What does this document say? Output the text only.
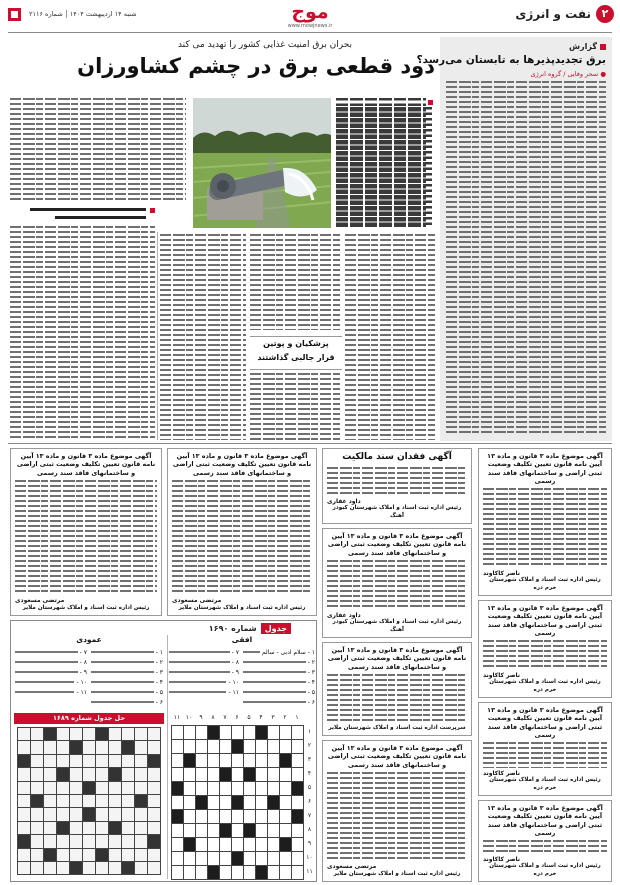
۲
نفت و انرژی
موج
www.mowjnews.ir
شنبه ۱۴ اردیبهشت ۱۴۰۴شماره ۲۱۱۶
گزارش
برق تجدیدپذیرها به تابستان می‌رسد؟
● سحر وفایی / گروه انرژی
بحران برق امنیت غذایی کشور را تهدید می کند
دود قطعی برق در چشم کشاورزان
پزشکیان و پوتین
قرار جالبی گذاشتند
آگهی موضوع ماده ۳ قانون و ماده ۱۳ آیین نامه قانون تعیین تکلیف وضعیت ثبتی اراضی و ساختمانهای فاقد سند رسمی
ناصر کاکاوند
رئیس اداره ثبت اسناد و املاک شهرستان خرم دره
آگهی فقدان سند مالکیت
داود غفاری
رئیس اداره ثبت اسناد و املاک شهرستان کبودر آهنگ
آگهی موضوع ماده ۳ قانون و ماده ۱۳ آیین نامه قانون تعیین تکلیف وضعیت ثبتی اراضی و ساختمانهای فاقد سند رسمی
داود غفاری
رئیس اداره ثبت اسناد و املاک شهرستان کبودر آهنگ
آگهی موضوع ماده ۳ قانون و ماده ۱۳ آیین نامه قانون تعیین تکلیف وضعیت ثبتی اراضی و ساختمانهای فاقد سند رسمی
مرتضی مسعودی
رئیس اداره ثبت اسناد و املاک شهرستان ملایر
آگهی موضوع ماده ۳ قانون و ماده ۱۳ آیین نامه قانون تعیین تکلیف وضعیت ثبتی اراضی و ساختمانهای فاقد سند رسمی
مرتضی مسعودی
رئیس اداره ثبت اسناد و املاک شهرستان ملایر	آگهی موضوع ماده ۳ قانون و ماده ۱۳ آیین نامه قانون تعیین تکلیف وضعیت ثبتی اراضی و ساختمانهای فاقد سند رسمی
ناصر کاکاوند
رئیس اداره ثبت اسناد و املاک شهرستان خرم دره
آگهی موضوع ماده ۳ قانون و ماده ۱۳ آیین نامه قانون تعیین تکلیف وضعیت ثبتی اراضی و ساختمانهای فاقد سند رسمی
ناصر کاکاوند
رئیس اداره ثبت اسناد و املاک شهرستان خرم دره
آگهی موضوع ماده ۳ قانون و ماده ۱۳ آیین نامه قانون تعیین تکلیف وضعیت ثبتی اراضی و ساختمانهای فاقد سند رسمی
ناصر کاکاوند
رئیس اداره ثبت اسناد و املاک شهرستان خرم دره
آگهی موضوع ماده ۳ قانون و ماده ۱۳ آیین نامه قانون تعیین تکلیف وضعیت ثبتی اراضی و ساختمانهای فاقد سند رسمی
سرپرست اداره ثبت اسناد و املاک شهرستان ملایر
آگهی موضوع ماده ۳ قانون و ماده ۱۳ آیین نامه قانون تعیین تکلیف وضعیت ثبتی اراضی و ساختمانهای فاقد سند رسمی
مرتضی مسعودی
رئیس اداره ثبت اسناد و املاک شهرستان ملایر
جدول
شماره ۱۶۹۰
افقی
عمودی
۱ - سلام ادبی - سالم
۲ -
۳ -
۴ -
۵ -
۶ -
۷ -
۸ -
۹ -
۱۰ -
۱۱ -
۱ -
۲ -
۳ -
۴ -
۵ -
۶ -
۷ -
۸ -
۹ -
۱۰ -
۱۱ -
۱
۲
۳
۴
۵
۶
۷
۸
۹
۱۰
۱۱
۱
۲
۳
۴
۵
۶
۷
۸
۹
۱۰
۱۱
حل جدول شماره ۱۶۸۹
